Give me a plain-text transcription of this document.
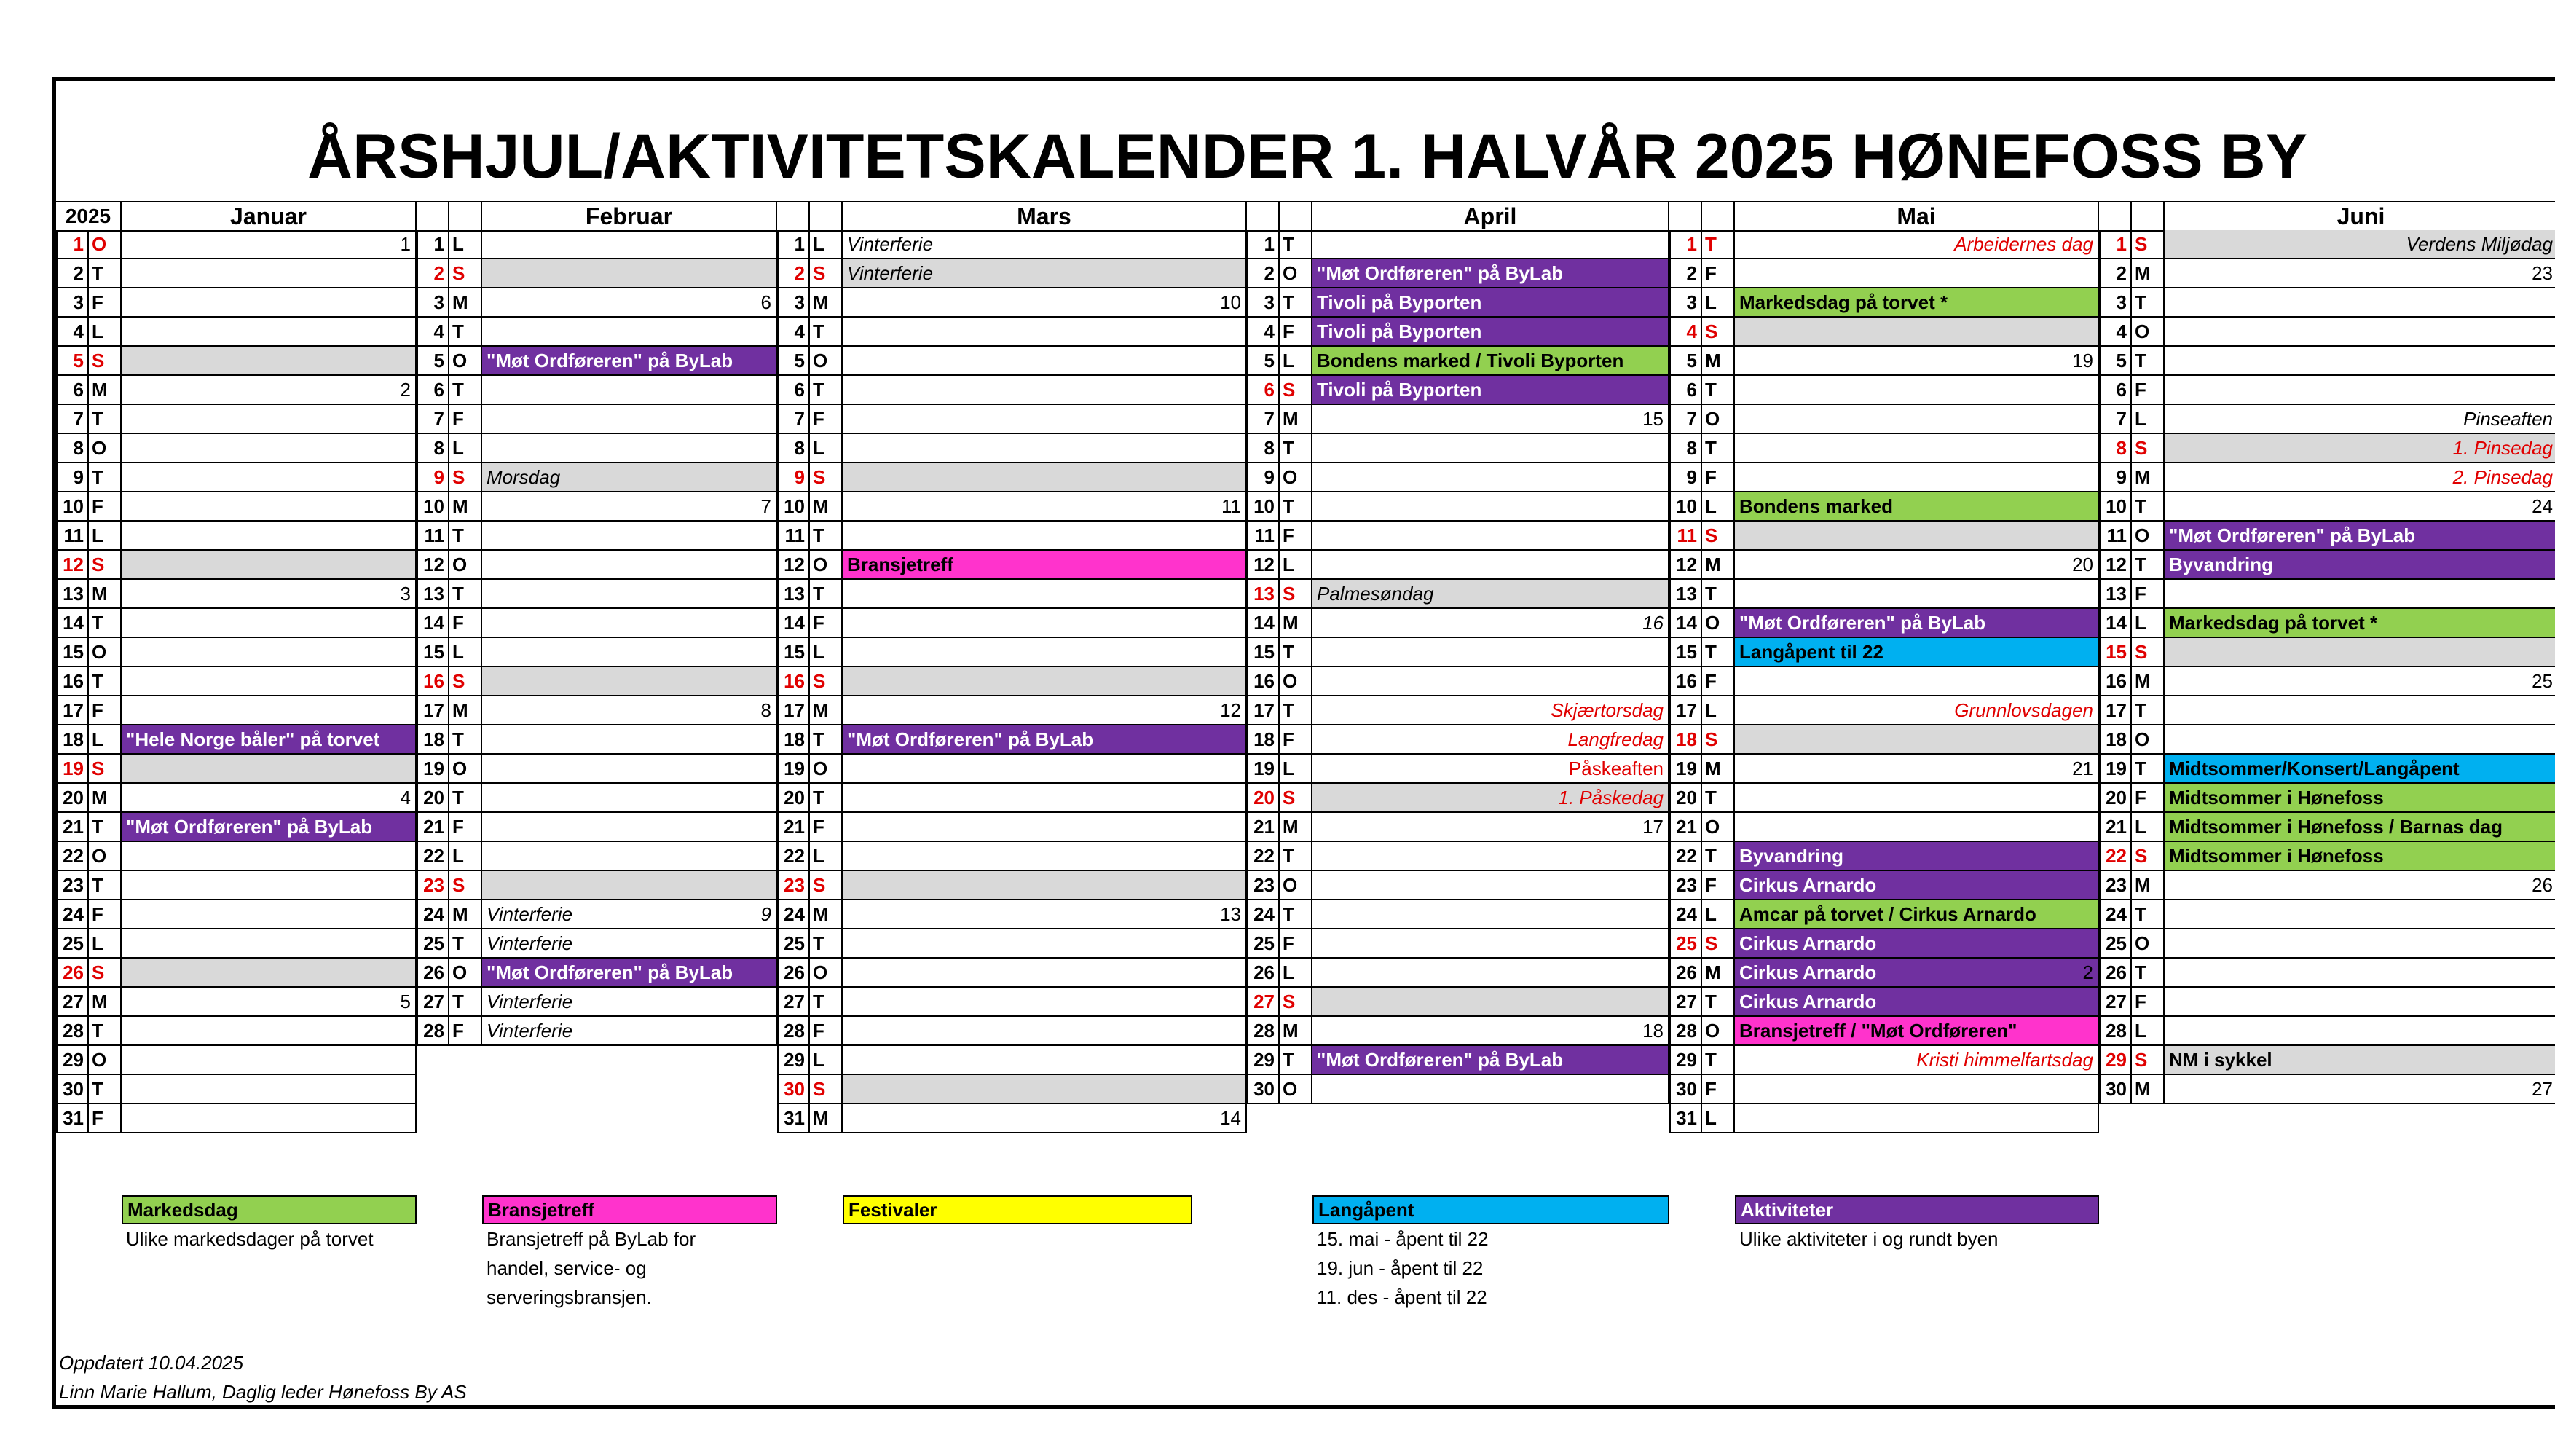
ÅRSHJUL/AKTIVITETSKALENDER 1. HALVÅR 2025 HØNEFOSS BY
2025	Januar	Februar	Mars	April	Mai	Juni
1 O	1
2 T
3 F
4 L
5 S
6 M	2
7 T
8 O
9 T
10 F
11 L
12 S
13 M	3
14 T
15 O
16 T
17 F
18 L	"Hele Norge båler" på torvet
19 S
20 M	4
21 T	"Møt Ordføreren" på ByLab
22 O
23 T
24 F
25 L
26 S
27 M	5
28 T
29 O
30 T
31 F
1 L
2 S
3 M	6
4 T
5 O	"Møt Ordføreren" på ByLab
6 T
7 F
8 L
9 S	Morsdag
10 M	7
11 T
12 O
13 T
14 F
15 L
16 S
17 M	8
18 T
19 O
20 T
21 F
22 L
23 S
24 M Vinterferie	9
25 T	Vinterferie
26 O	"Møt Ordføreren" på ByLab
27 T	Vinterferie
28 F	Vinterferie
1 L	Vinterferie
2 S	Vinterferie
3 M	10
4 T
5 O
6 T
7 F
8 L
9 S
10 M	11
11 T
12 O	Bransjetreff
13 T
14 F
15 L
16 S
17 M	12
18 T	"Møt Ordføreren" på ByLab
19 O
20 T
21 F
22 L
23 S
24 M	13
25 T
26 O
27 T
28 F
29 L
30 S
31 M	14
1 T
2 O	"Møt Ordføreren" på ByLab
3 T	Tivoli på Byporten
4 F	Tivoli på Byporten
5 L	Bondens marked / Tivoli Byporten
6 S	Tivoli på Byporten
7 M	15
8 T
9 O
10 T
11 F
12 L
13 S	Palmesøndag
14 M	16
15 T
16 O
17 T	Skjærtorsdag
18 F	Langfredag
19 L	Påskeaften
20 S	1. Påskedag
21 M	17
22 T
23 O
24 T
25 F
26 L
27 S
28 M	18
29 T	"Møt Ordføreren" på ByLab
30 O
1 T	Arbeidernes dag
2 F
3 L	Markedsdag på torvet *
4 S
5 M	19
6 T
7 O
8 T
9 F
10 L	Bondens marked
11 S
12 M	20
13 T
14 O	"Møt Ordføreren" på ByLab
15 T	Langåpent til 22
16 F
17 L	Grunnlovsdagen
18 S
19 M	21
20 T
21 O
22 T	Byvandring
23 F	Cirkus Arnardo
24 L	Amcar på torvet / Cirkus Arnardo
25 S	Cirkus Arnardo
26 M Cirkus Arnardo	2
27 T	Cirkus Arnardo
28 O	Bransjetreff / "Møt Ordføreren"
29 T	Kristi himmelfartsdag
30 F
31 L
1 S	Verdens Miljødag
2 M	23
3 T
4 O
5 T
6 F
7 L	Pinseaften
8 S	1. Pinsedag
9 M	2. Pinsedag
10 T	24
11 O	"Møt Ordføreren" på ByLab
12 T	Byvandring
13 F
14 L	Markedsdag på torvet *
15 S
16 M	25
17 T
18 O
19 T	Midtsommer/Konsert/Langåpent
20 F	Midtsommer i Hønefoss
21 L	Midtsommer i Hønefoss / Barnas dag
22 S	Midtsommer i Hønefoss
23 M	26
24 T
25 O
26 T
27 F
28 L
29 S	NM i sykkel
30 M	27
Markedsdag
Ulike markedsdager på torvet
Bransjetreff
Bransjetreff på ByLab for
handel, service- og
serveringsbransjen.
Festivaler	Langåpent
15. mai - åpent til 22
19. jun - åpent til 22
11. des - åpent til 22
Aktiviteter
Ulike aktiviteter i og rundt byen
Oppdatert 10.04.2025
Linn Marie Hallum, Daglig leder Hønefoss By AS
